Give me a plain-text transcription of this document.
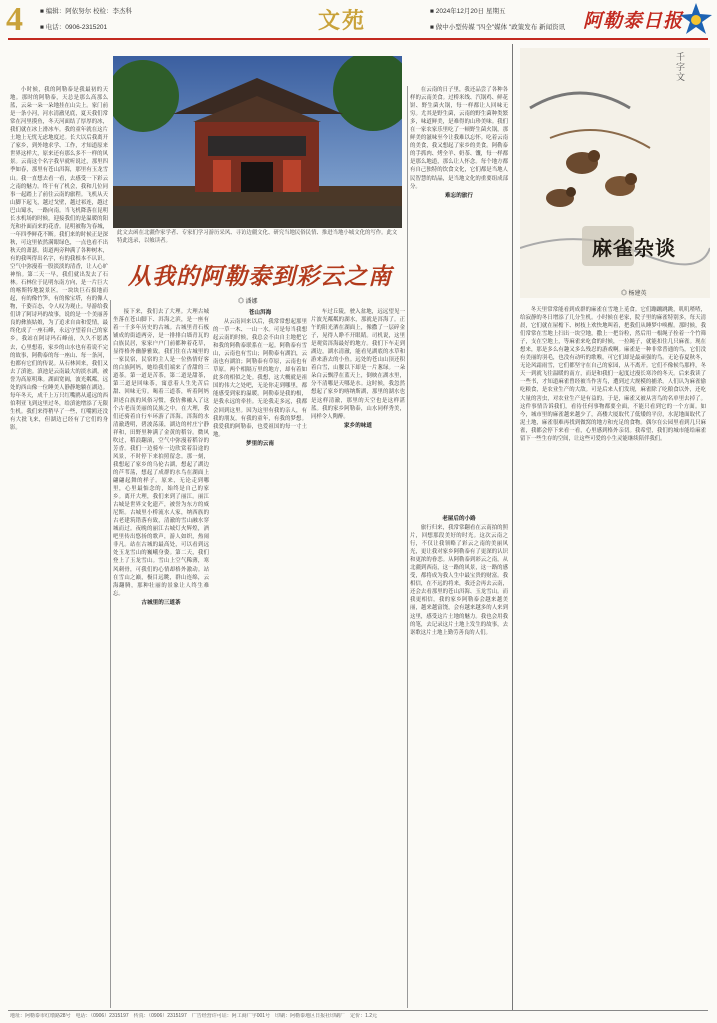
4	■ 编辑：阿依努尔 校检：李杰科
■ 电话：0906-2315201	文苑	■ 2024年12月20日 星期五
■ 做中小型传媒 "四全"媒体 "政策发布 新闻资讯 阿勒泰日报
此文去函在北疆作家学者、专家们学习游历采风、寻访边疆文化、研究当地民俗民情、推进当地小城文化的写作。此文特此选录，以飨读者。
从我的阿勒泰到彩云之南
◎ 潘娜

小时候，我的阿勒泰是我最初的天地。那时的阿勒泰，天总是那么高那么蓝，云朵一朵一朵地挂在山尖上。家门前是一条小河，河水清澈见底，夏天我们常常在河里摸鱼，冬天河面结了厚厚的冰，我们就在冰上滑冰车。我的童年就在这片土地上无忧无虑地度过。长大以后我离开了家乡，到外地求学、工作，才知道原来世界这样大，原来还有那么多不一样的风景。云南这个名字我早就听说过，那里四季如春，那里有苍山洱海，那里有玉龙雪山。我一直想去看一看，去感受一下彩云之南的魅力。终于有了机会，我和几位同事一起踏上了前往云南的旅程。飞机从天山脚下起飞，越过戈壁，越过祁连，越过巴山蜀水，一路向南。当飞机降落在昆明长水机场的时候，迎接我们的是温暖的阳光和扑面而来的花香。昆明被称为春城，一年四季鲜花不断。我们来的时候正是深秋，可这里依然满眼绿色，一点也看不出秋天的萧瑟。街道两旁种满了各种树木，有的我叫得出名字，有的我根本不认识。空气中弥漫着一股淡淡的清香，让人心旷神怡。第二天一早，我们就出发去了石林。石林位于昆明东南方向，是一片巨大的喀斯特地貌景区。一块块巨石拔地而起，有的像竹笋，有的像宝塔，有的像人物，千姿百态，令人叹为观止。导游给我们讲了阿诗玛的故事，说的是一个美丽善良的彝族姑娘，为了追求自由和爱情，最终化成了一座石峰，永远守望着自己的家乡。我站在阿诗玛石峰前，久久不愿离去，心里想着，家乡的山水也有着说不完的故事，阿勒泰的每一座山、每一条河，也都有它们的传说。从石林回来，我们又去了滇池。滇池是云南最大的淡水湖，被誉为高原明珠。湖面宽阔，波光粼粼，远处的西山像一位睡美人静静地躺在湖边。每年冬天，成千上万只红嘴鸥从遥远的西伯利亚飞到这里过冬，给滇池增添了无限生机。我们来得稍早了一些，红嘴鸥还没有大批飞来，但湖边已经有了它们的身影。

接下来，我们去了大理。大理古城坐落在苍山脚下、洱海之滨，是一座有着一千多年历史的古城。古城里青石板铺成的街道两旁，是一排排白墙青瓦的白族民居，家家户户门前都种着花草，显得格外幽静雅致。我们住在古城里的一家民宿，民宿的主人是一位热情好客的白族阿妈，她给我们端来了香甜的三道茶。第一道是苦茶，第二道是甜茶，第三道是回味茶，寓意着人生先苦后甜、回味无穷。喝着三道茶，听着阿妈讲述白族的风俗习惯，我仿佛融入了这个古老而美丽的民族之中。在大理，我们还骑着自行车环游了洱海。洱海的水清澈透明，碧波荡漾，湖边的村庄宁静祥和，田野里种满了金黄的稻谷。微风吹过，稻浪翻滚，空气中弥漫着稻谷的芳香。我们一边骑车一边欣赏着沿途的风景，不时停下来拍照留念。那一刻，我想起了家乡的乌伦古湖，想起了湖边的芦苇荡，想起了成群的水鸟在湖面上翩翩起舞的样子。原来，无论走到哪里，心里最惦念的，始终是自己的家乡。离开大理，我们来到了丽江。丽江古城是世界文化遗产，被誉为东方的威尼斯。古城里小桥流水人家，纳西族的古老建筑错落有致，清澈的雪山融水穿城而过。夜晚的丽江古城灯火辉煌，酒吧里传出悠扬的歌声，游人如织，热闹非凡。站在古城的最高处，可以看到远处玉龙雪山的巍峨身姿。第二天，我们登上了玉龙雪山。雪山上空气稀薄，寒风刺骨，可我们的心情却格外激动。站在雪山之巅，极目远眺，群山连绵，云海翻腾，那种壮丽的景象让人终生难忘。

古城里的三道茶
苍山洱海

从云南回来以后，我常常想起那里的一草一木、一山一水。可是每当我想起云南的时候，我总会不由自主地把它和我的阿勒泰联系在一起。阿勒泰有雪山，云南也有雪山；阿勒泰有湖泊，云南也有湖泊；阿勒泰有草原，云南也有草原。两个相隔万里的地方，却有着如此多的相似之处。我想，这大概就是祖国的伟大之处吧，无论你走到哪里，都能感受到家的温暖。阿勒泰是我的根，是我永远的牵挂。无论我走多远，我都会回到这里。因为这里有我的亲人，有我的朋友，有我的童年，有我的梦想。我爱我的阿勒泰，也爱祖国的每一寸土地。

梦里的云南

车过丘陵，驶入盆地，远远望见一片波光粼粼的湖水，那就是洱海了。正午的阳光洒在湖面上，像撒了一层碎金子，晃得人睁不开眼睛。司机说，这里是观赏洱海最好的地方。我们下车走到湖边，湖水清澈，能看见湖底的水草和游来游去的小鱼。远处的苍山山顶还积着白雪，山腰以下却是一片葱绿。一朵朵白云飘浮在蓝天上，倒映在湖水里，分不清哪是天哪是水。这时候，我忽然想起了家乡的喀纳斯湖，那里的湖水也是这样清澈，那里的天空也是这样湛蓝。我的家乡阿勒泰，山水同样秀美，同样令人陶醉。

家乡的味道

在云南的日子里，我还品尝了各种各样的云南美食。过桥米线、汽锅鸡、鲜花饼、野生菌火锅，每一样都让人回味无穷。尤其是野生菌，云南的野生菌种类繁多，味道鲜美，是难得的山珍美味。我们在一家农家乐里吃了一顿野生菌火锅，那鲜美的滋味至今让我难以忘怀。吃着云南的美食，我又想起了家乡的美食。阿勒泰的手抓肉、烤全羊、奶茶、馕，每一样都是那么地道，那么让人怀念。每个地方都有自己独特的饮食文化，它们都是当地人民智慧的结晶，是当地文化的重要组成部分。

难忘的旅行
老屋后的小路

旅行归来，我常常翻看在云南拍的照片，回想那段美好的时光。这次云南之行，不仅让我领略了彩云之南的美丽风光，更让我对家乡阿勒泰有了更深的认识和更浓的眷恋。从阿勒泰到彩云之南，从北疆到西南，这一路的风景，这一路的感受，都将成为我人生中最宝贵的财富。我相信，在不远的将来，我还会再去云南，还会去看那里的苍山洱海、玉龙雪山。而我更相信，我的家乡阿勒泰会越来越美丽，越来越富饶，会有越来越多的人来到这里，感受这片土地的魅力。我也会用我的笔，去记录这片土地上发生的故事，去讴歌这片土地上勤劳善良的人们。

千字文
麻雀杂谈
◎ 杨建英

冬天里常常能看到成群的麻雀在雪地上觅食。它们蹦蹦跳跳，叽叽喳喳，给寂静的冬日增添了几分生机。小时候在老家，院子里的麻雀特别多，每天清晨，它们就在屋檐下、树枝上欢快地叫着，把我们从睡梦中唤醒。那时候，我们常常在雪地上扫出一块空地，撒上一把谷粒，然后用一根绳子拴着一个竹筛子，支在空地上，等麻雀来吃食的时候，一拉绳子，就能扣住几只麻雀。现在想来，那是多么有趣又多么残忍的游戏啊。麻雀是一种非常普通的鸟，它们没有美丽的羽毛，也没有动听的歌喉，可它们却是最顽强的鸟。无论春夏秋冬，无论风霜雨雪，它们都坚守在自己的家园，从不离开。它们不像候鸟那样，冬天一到就飞往温暖的南方，而是和我们一起度过漫长寒冷的冬天。后来我读了一些书，才知道麻雀曾经被当作害鸟，遭到过大规模的捕杀。人们认为麻雀偷吃粮食，是农业生产的大敌。可是后来人们发现，麻雀除了吃粮食以外，还吃大量的害虫，对农业生产是有益的。于是，麻雀又被从害鸟的名单里去掉了。这件事情告诉我们，看待任何事物都要全面，不能只看到它的一个方面。如今，城市里的麻雀越来越少了，高楼大厦取代了低矮的平房，水泥地面取代了泥土地，麻雀很难再找到做窝的地方和充足的食物。偶尔在公园里看到几只麻雀，我都会停下来看一看，心里感到格外亲切。我希望，我们的城市能给麻雀留下一些生存的空间，让这些可爱的小生灵能继续陪伴我们。

地址：阿勒泰市红墩路28号　电话：（0906）2315197　传真：（0906）2315197　广告经营许可证：阿工商广字001号　印刷：阿勒泰地区日报社印刷厂　定价：1.2元
